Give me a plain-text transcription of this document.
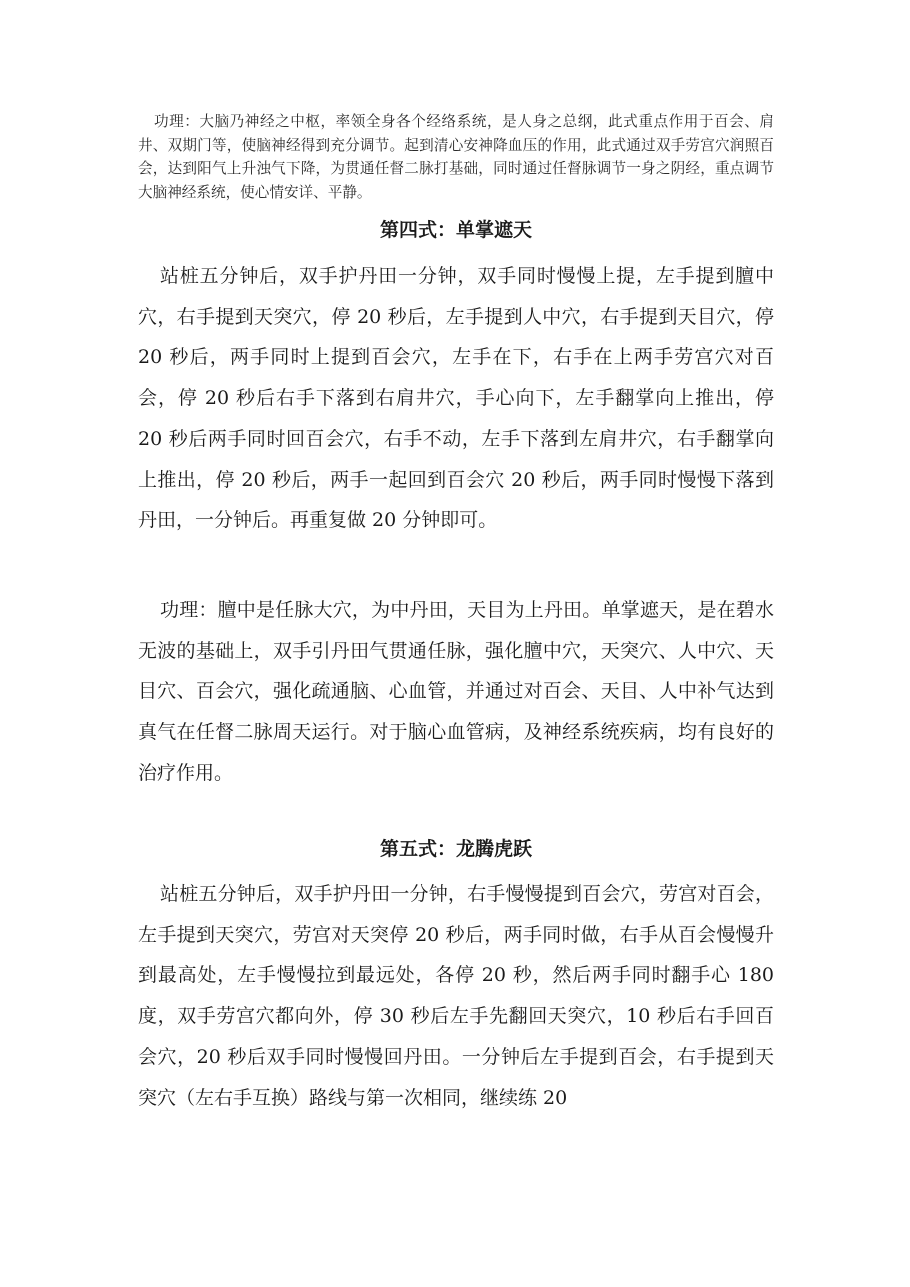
功理：大脑乃神经之中枢，率领全身各个经络系统，是人身之总纲，此式重点作用于百会、肩井、双期门等，使脑神经得到充分调节。起到清心安神降血压的作用，此式通过双手劳宫穴润照百会，达到阳气上升浊气下降，为贯通任督二脉打基础，同时通过任督脉调节一身之阴经，重点调节大脑神经系统，使心情安详、平静。

第四式：单掌遮天

站桩五分钟后，双手护丹田一分钟，双手同时慢慢上提，左手提到膻中穴，右手提到天突穴，停 20 秒后，左手提到人中穴，右手提到天目穴，停 20 秒后，两手同时上提到百会穴，左手在下，右手在上两手劳宫穴对百会，停 20 秒后右手下落到右肩井穴，手心向下，左手翻掌向上推出，停 20 秒后两手同时回百会穴，右手不动，左手下落到左肩井穴，右手翻掌向上推出，停 20 秒后，两手一起回到百会穴 20 秒后，两手同时慢慢下落到丹田，一分钟后。再重复做 20 分钟即可。

功理：膻中是任脉大穴，为中丹田，天目为上丹田。单掌遮天，是在碧水无波的基础上，双手引丹田气贯通任脉，强化膻中穴，天突穴、人中穴、天目穴、百会穴，强化疏通脑、心血管，并通过对百会、天目、人中补气达到真气在任督二脉周天运行。对于脑心血管病，及神经系统疾病，均有良好的治疗作用。

第五式：龙腾虎跃

站桩五分钟后，双手护丹田一分钟，右手慢慢提到百会穴，劳宫对百会，左手提到天突穴，劳宫对天突停 20 秒后，两手同时做，右手从百会慢慢升到最高处，左手慢慢拉到最远处，各停 20 秒，然后两手同时翻手心 180 度，双手劳宫穴都向外，停 30 秒后左手先翻回天突穴，10 秒后右手回百会穴，20 秒后双手同时慢慢回丹田。一分钟后左手提到百会，右手提到天突穴（左右手互换）路线与第一次相同，继续练 20
